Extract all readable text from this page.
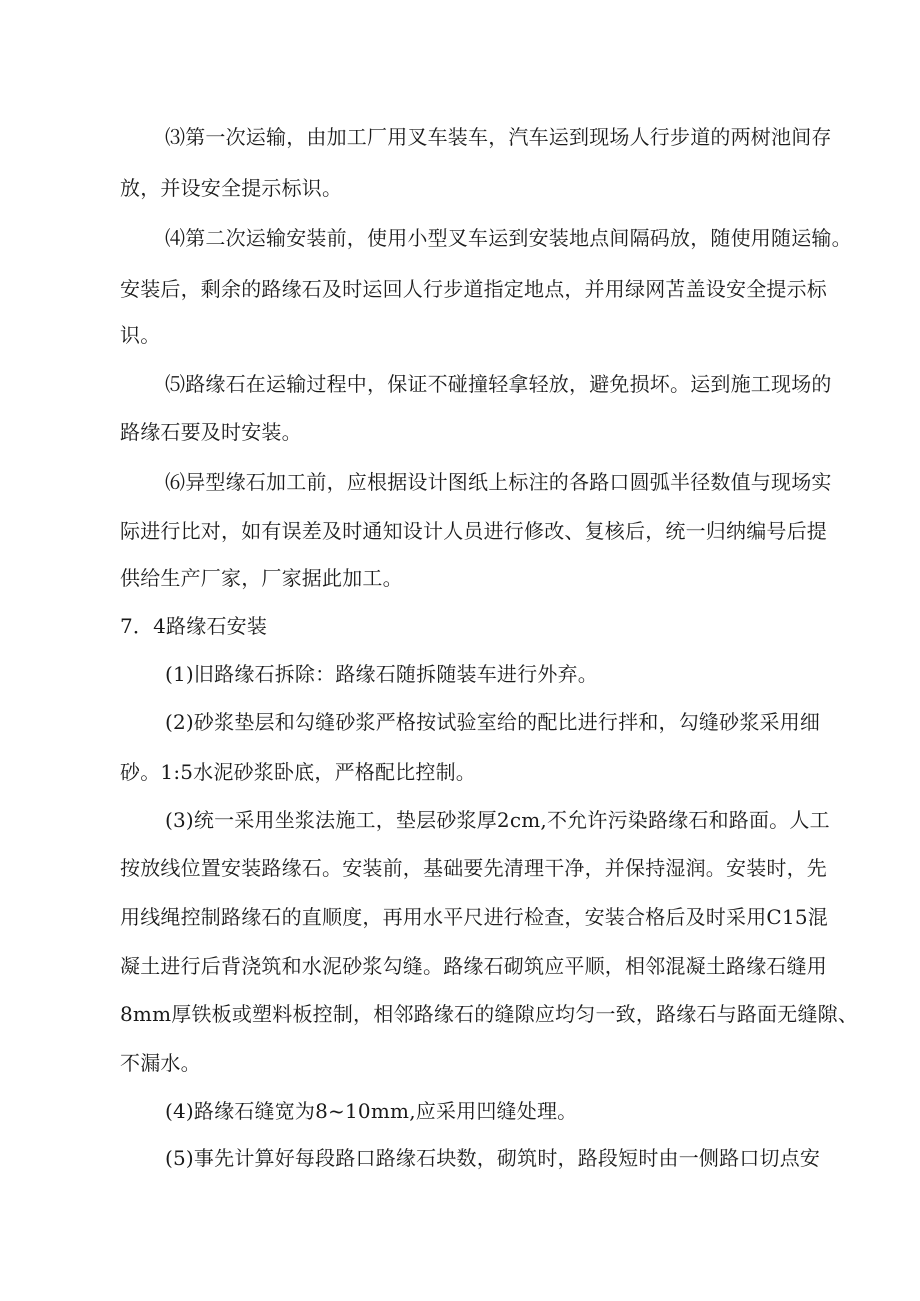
⑶第一次运输，由加工厂用叉车装车，汽车运到现场人行步道的两树池间存
放，并设安全提示标识。
⑷第二次运输安装前，使用小型叉车运到安装地点间隔码放，随使用随运输。
安装后，剩余的路缘石及时运回人行步道指定地点，并用绿网苫盖设安全提示标
识。
⑸路缘石在运输过程中，保证不碰撞轻拿轻放，避免损坏。运到施工现场的
路缘石要及时安装。
⑹异型缘石加工前，应根据设计图纸上标注的各路口圆弧半径数值与现场实
际进行比对，如有误差及时通知设计人员进行修改、复核后，统一归纳编号后提
供给生产厂家，厂家据此加工。
7．4路缘石安装
(1)旧路缘石拆除：路缘石随拆随装车进行外弃。
(2)砂浆垫层和勾缝砂浆严格按试验室给的配比进行拌和，勾缝砂浆采用细
砂。1:5水泥砂浆卧底，严格配比控制。
(3)统一采用坐浆法施工，垫层砂浆厚2cm,不允许污染路缘石和路面。人工
按放线位置安装路缘石。安装前，基础要先清理干净，并保持湿润。安装时，先
用线绳控制路缘石的直顺度，再用水平尺进行检查，安装合格后及时采用C15混
凝土进行后背浇筑和水泥砂浆勾缝。路缘石砌筑应平顺，相邻混凝土路缘石缝用
8mm厚铁板或塑料板控制，相邻路缘石的缝隙应均匀一致，路缘石与路面无缝隙、
不漏水。
(4)路缘石缝宽为8~10mm,应采用凹缝处理。
(5)事先计算好每段路口路缘石块数，砌筑时，路段短时由一侧路口切点安
